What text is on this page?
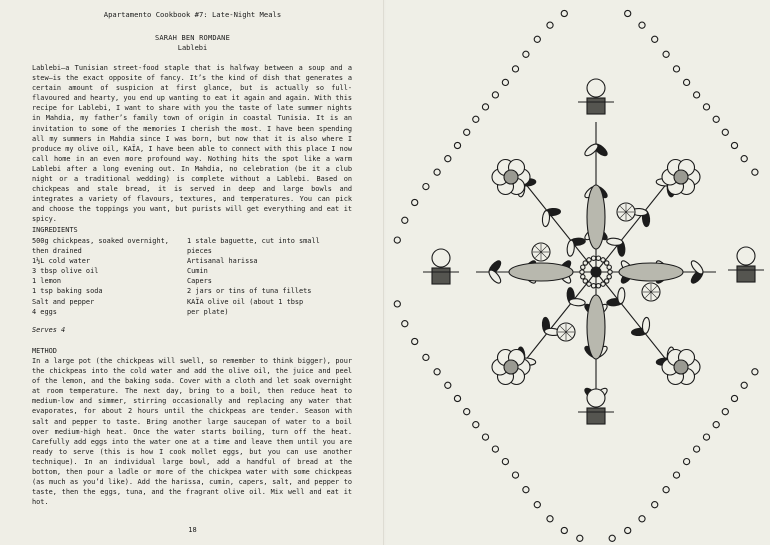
Apartamento Cookbook #7: Late-Night Meals
SARAH BEN ROMDANE
Lablebi

Lablebi—a Tunisian street-food staple that is halfway between a soup and a stew—is the exact opposite of fancy. It’s the kind of dish that generates a certain amount of suspicion at first glance, but is actually so full-flavoured and hearty, you end up wanting to eat it again and again. With this recipe for Lablebi, I want to share with you the taste of late summer nights in Mahdia, my father’s family town of origin in coastal Tunisia. It is an invitation to some of the memories I cherish the most. I have been spending all my summers in Mahdia since I was born, but now that it is also where I produce my olive oil, KAÏA, I have been able to connect with this place I now call home in an even more profound way. Nothing hits the spot like a warm Lablebi after a long evening out. In Mahdia, no celebration (be it a club night or a traditional wedding) is complete without a Lablebi. Based on chickpeas and stale bread, it is served in deep and large bowls and integrates a variety of flavours, textures, and temperatures. You can pick and choose the toppings you want, but purists will get everything and eat it spicy.

INGREDIENTS
500g chickpeas, soaked overnight,
then drained
1½L cold water
3 tbsp olive oil
1 lemon
1 tsp baking soda
Salt and pepper
4 eggs
1 stale baguette, cut into small pieces
Artisanal harissa
Cumin
Capers
2 jars or tins of tuna fillets
KAÏA olive oil (about 1 tbsp
per plate)
Serves 4
METHOD

In a large pot (the chickpeas will swell, so remember to think bigger), pour the chickpeas into the cold water and add the olive oil, the juice and peel of the lemon, and the baking soda. Cover with a cloth and let soak overnight at room temperature. The next day, bring to a boil, then reduce heat to medium-low and simmer, stirring occasionally and replacing any water that evaporates, for about 2 hours until the chickpeas are tender. Season with salt and pepper to taste. Bring another large saucepan of water to a boil over medium-high heat. Once the water starts boiling, turn off the heat. Carefully add eggs into the water one at a time and leave them until you are ready to serve (this is how I cook mollet eggs, but you can use another technique). In an individual large bowl, add a handful of bread at the bottom, then pour a ladle or more of the chickpea water with some chickpeas (as much as you’d like). Add the harissa, cumin, capers, salt, and pepper to taste, then the eggs, tuna, and the fragrant olive oil. Mix well and eat it hot.

18
